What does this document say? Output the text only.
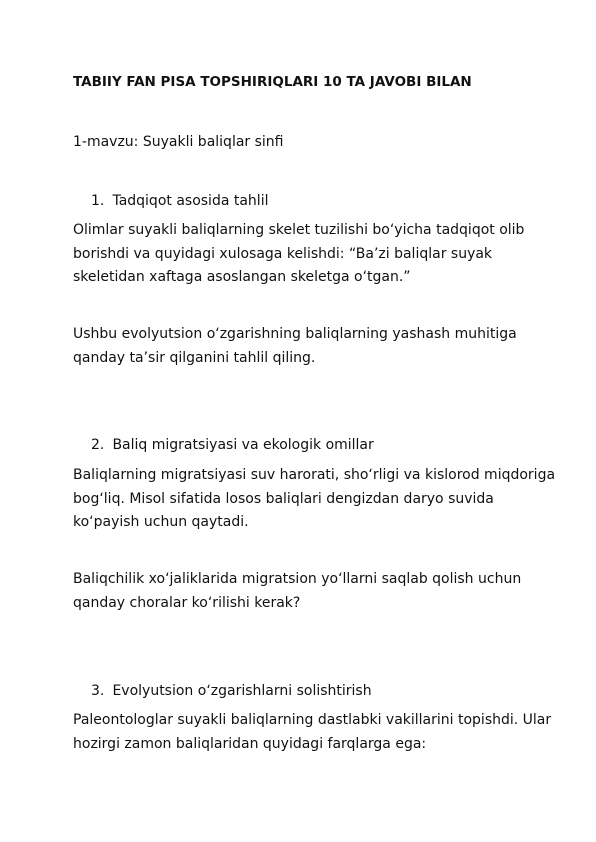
TABIIY FAN PISA TOPSHIRIQLARI 10 TA JAVOBI BILAN

1-mavzu: Suyakli baliqlar sinfi

1. Tadqiqot asosida tahlil
Olimlar suyakli baliqlarning skelet tuzilishi bo‘yicha tadqiqot olib
borishdi va quyidagi xulosaga kelishdi: “Ba’zi baliqlar suyak
skeletidan xaftaga asoslangan skeletga o‘tgan.”
Ushbu evolyutsion o‘zgarishning baliqlarning yashash muhitiga
qanday ta’sir qilganini tahlil qiling.
2. Baliq migratsiyasi va ekologik omillar
Baliqlarning migratsiyasi suv harorati, sho‘rligi va kislorod miqdoriga
bog‘liq. Misol sifatida losos baliqlari dengizdan daryo suvida
ko‘payish uchun qaytadi.
Baliqchilik xo‘jaliklarida migratsion yo‘llarni saqlab qolish uchun
qanday choralar ko‘rilishi kerak?
3. Evolyutsion o‘zgarishlarni solishtirish
Paleontologlar suyakli baliqlarning dastlabki vakillarini topishdi. Ular
hozirgi zamon baliqlaridan quyidagi farqlarga ega:
